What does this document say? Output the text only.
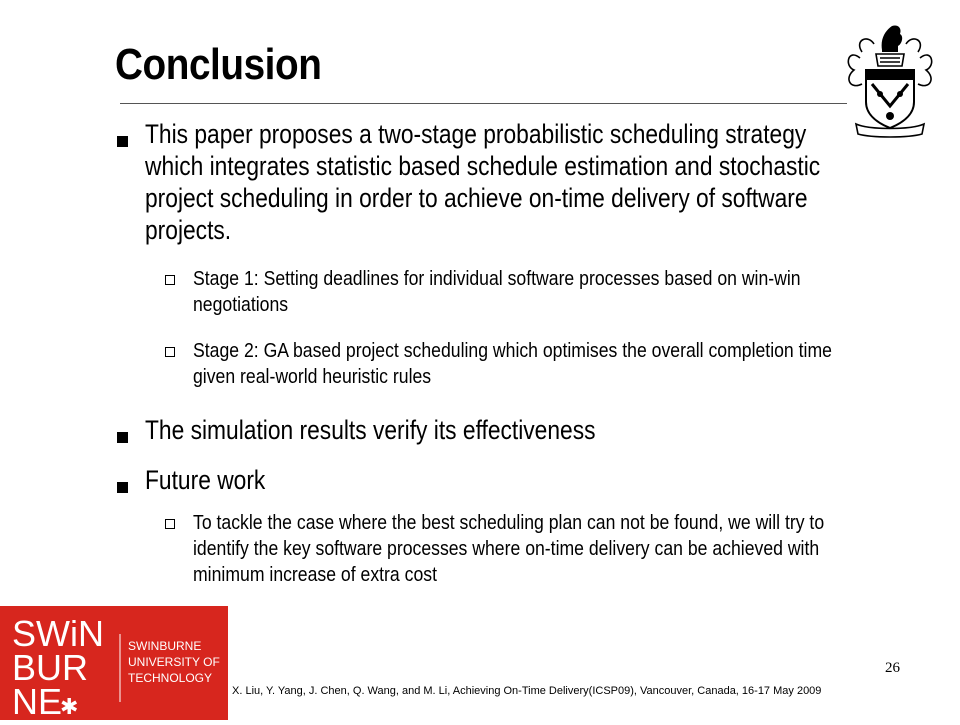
Conclusion
This paper proposes a two-stage probabilistic scheduling strategy which integrates statistic based schedule estimation and stochastic project scheduling in order to achieve on-time delivery of software projects.
Stage 1: Setting deadlines for individual software processes based on win-win negotiations
Stage 2: GA based project scheduling which optimises the overall completion time given real-world heuristic rules
The simulation results verify its effectiveness
Future work
To tackle the case where the best scheduling plan can not be found, we will try to identify the key software processes where on-time delivery can be achieved with minimum increase of extra cost
SWiN
BUR
NE
SWINBURNE
UNIVERSITY OF
TECHNOLOGY
✱
X. Liu, Y. Yang, J. Chen, Q. Wang, and M. Li, Achieving On-Time Delivery(ICSP09), Vancouver, Canada, 16-17 May 2009
26
